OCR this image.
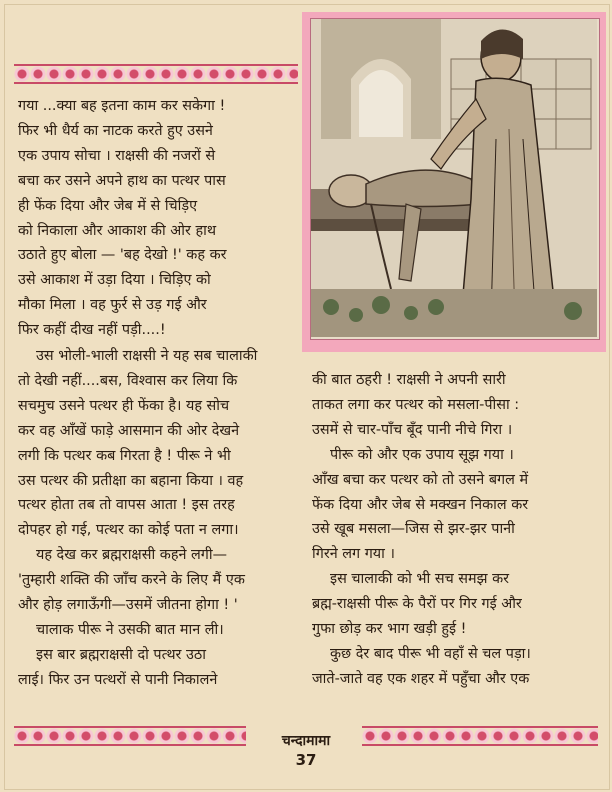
गया ...क्या बह इतना काम कर सकेगा !

फिर भी धैर्य का नाटक करते हुए उसने

एक उपाय सोचा । राक्षसी की नजरों से

बचा कर उसने अपने हाथ का पत्थर पास

ही फेंक दिया और जेब में से चिड़िए

को निकाला और आकाश की ओर हाथ

उठाते हुए बोला — 'बह देखो !' कह कर

उसे आकाश में उड़ा दिया । चिड़िए को

मौका मिला । वह फुर्र से उड़ गई और

फिर कहीं दीख नहीं पड़ी....!

उस भोली-भाली राक्षसी ने यह सब चालाकी

तो देखी नहीं....बस, विश्वास कर लिया कि

सचमुच उसने पत्थर ही फेंका है। यह सोच

कर वह आँखें फाड़े आसमान की ओर देखने

लगी कि पत्थर कब गिरता है ! पीरू ने भी

उस पत्थर की प्रतीक्षा का बहाना किया । वह

पत्थर होता तब तो वापस आता ! इस तरह

दोपहर हो गई, पत्थर का कोई पता न लगा।

यह देख कर ब्रह्मराक्षसी कहने लगी—

'तुम्हारी शक्ति की जाँच करने के लिए मैं एक

और होड़ लगाऊँगी—उसमें जीतना होगा ! '

चालाक पीरू ने उसकी बात मान ली।

इस बार ब्रह्मराक्षसी दो पत्थर उठा

लाई। फिर उन पत्थरों से पानी निकालने

की बात ठहरी ! राक्षसी ने अपनी सारी

ताकत लगा कर पत्थर को मसला-पीसा :

उसमें से चार-पाँच बूँद पानी नीचे गिरा ।

पीरू को और एक उपाय सूझ गया ।

आँख बचा कर पत्थर को तो उसने बगल में

फेंक दिया और जेब से मक्खन निकाल कर

उसे खूब मसला—जिस से झर-झर पानी

गिरने लग गया ।

इस चालाकी को भी सच समझ कर

ब्रह्म-राक्षसी पीरू के पैरों पर गिर गई और

गुफा छोड़ कर भाग खड़ी हुई !

कुछ देर बाद पीरू भी वहाँ से चल पड़ा।

जाते-जाते वह एक शहर में पहुँचा और एक

चन्दामामा
37
